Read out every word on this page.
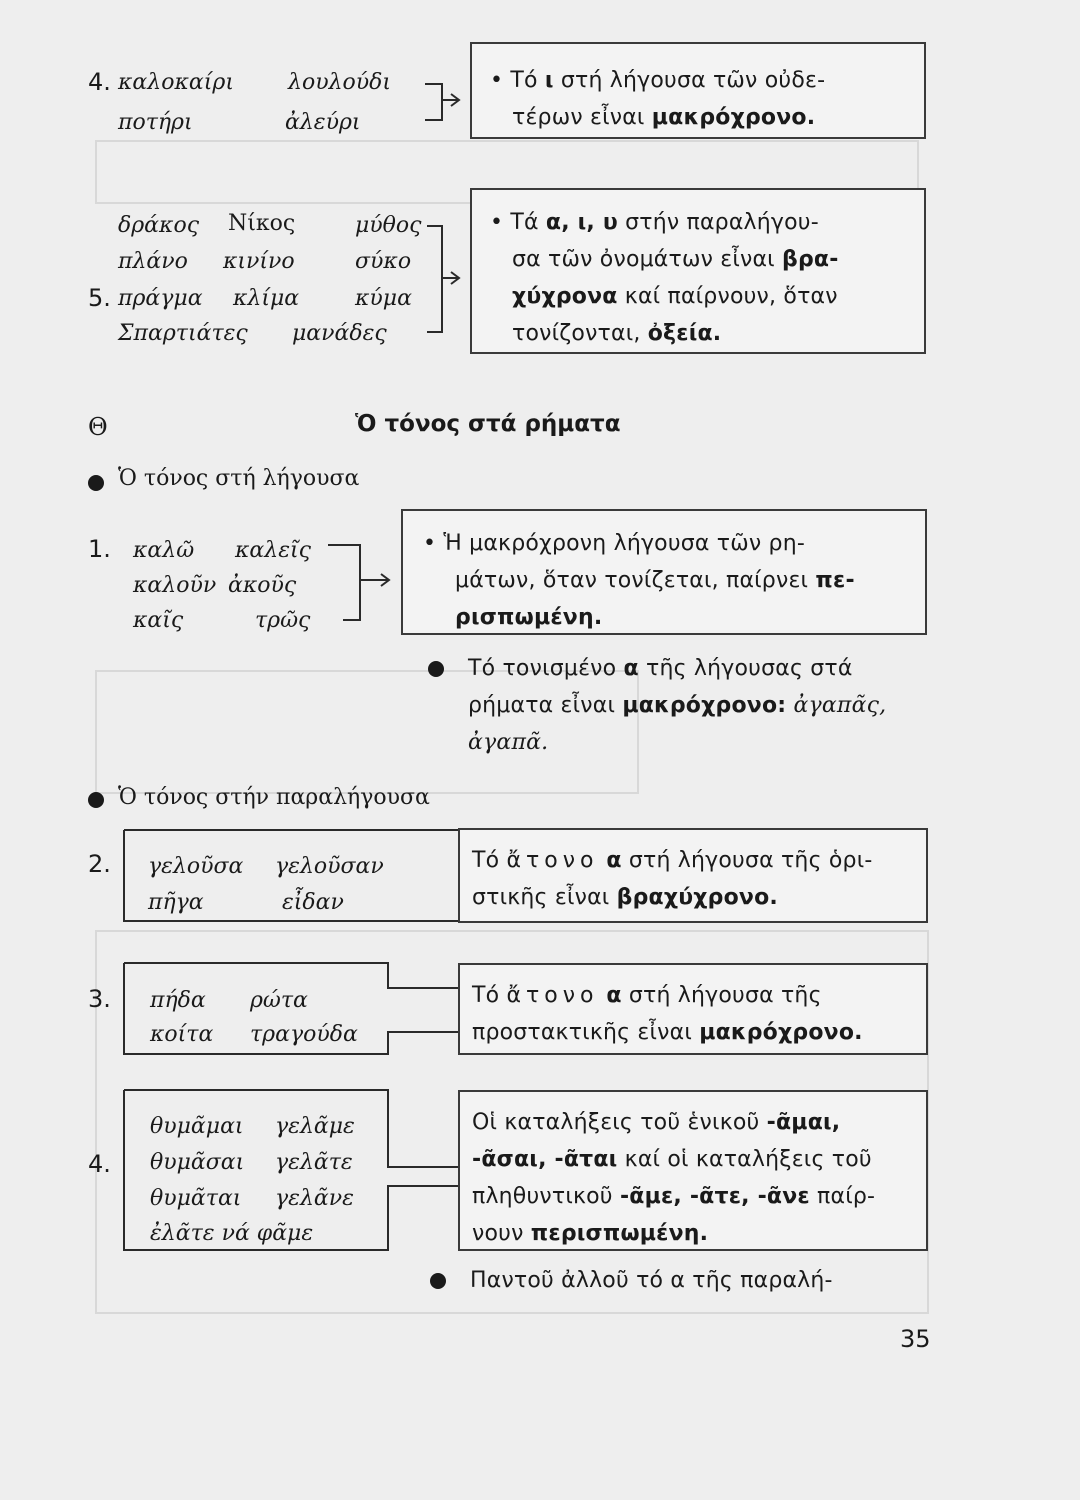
4. καλοκαίρι λουλούδι
ποτήρι	ἀλεύρι
• Τό ι στή λήγουσα τῶν οὐδε-
τέρων εἶναι μακρόχρονο.
δράκος Νίκος	μύθος
πλάνο κινίνο	σύκο
5. πράγμα κλίμα	κύμα
Σπαρτιάτες μανάδες
• Τά α, ι, υ στήν παραλήγου-
σα τῶν ὀνομάτων εἶναι βρα-
χύχρονα καί παίρνουν, ὅταν
τονίζονται, ὀξεία.
Θ	Ὁ τόνος στά ρήματα
Ὁ τόνος στή λήγουσα
1. καλῶ καλεῖς
καλοῦν ἀκοῦς
καῖς	τρῶς
• Ἡ μακρόχρονη λήγουσα τῶν ρη-
μάτων, ὅταν τονίζεται, παίρνει πε-
ρισπωμένη.
Τό τονισμένο α τῆς λήγουσας στά
ρήματα εἶναι μακρόχρονο: ἀγαπᾶς,
ἀγαπᾶ.
Ὁ τόνος στήν παραλήγουσα
2. γελοῦσα γελοῦσαν
πῆγα	εἶδαν
Τό ἄτονο α στή λήγουσα τῆς ὁρι-
στικῆς εἶναι βραχύχρονο.
3. πήδα ρώτα
κοίτα τραγούδα
Τό ἄτονο α στή λήγουσα τῆς
προστακτικῆς εἶναι μακρόχρονο.
4.
θυμᾶμαι γελᾶμε
θυμᾶσαι γελᾶτε
θυμᾶται γελᾶνε
ἐλᾶτε νά φᾶμε
Οἱ καταλήξεις τοῦ ἑνικοῦ -ᾶμαι,
-ᾶσαι, -ᾶται καί οἱ καταλήξεις τοῦ
πληθυντικοῦ -ᾶμε, -ᾶτε, -ᾶνε παίρ-
νουν περισπωμένη.
Παντοῦ ἀλλοῦ τό α τῆς παραλή-
35
